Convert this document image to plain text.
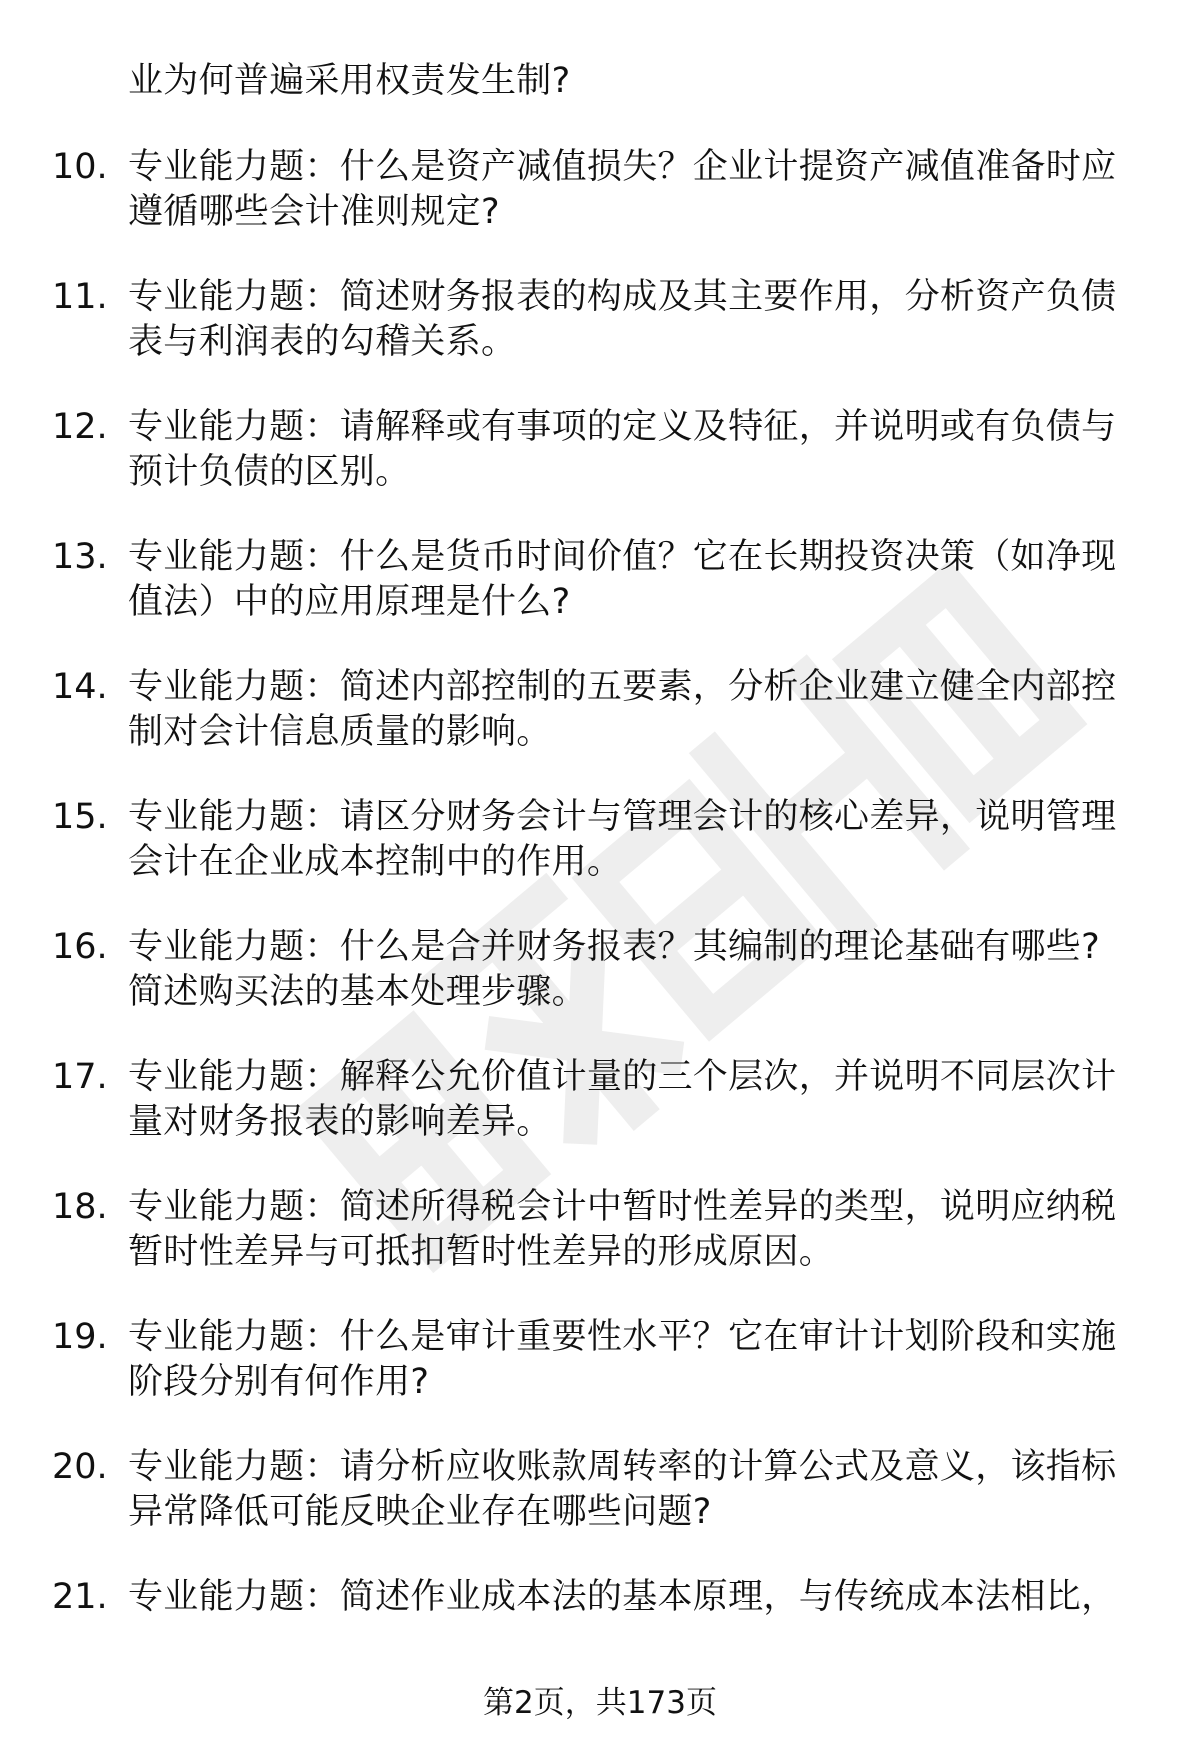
业为何普遍采用权责发生制?
10. 专业能力题：什么是资产减值损失？企业计提资产减值准备时应
遵循哪些会计准则规定?
11. 专业能力题：简述财务报表的构成及其主要作用，分析资产负债
表与利润表的勾稽关系。
12. 专业能力题：请解释或有事项的定义及特征，并说明或有负债与
预计负债的区别。
13. 专业能力题：什么是货币时间价值？它在长期投资决策（如净现
值法）中的应用原理是什么?
14. 专业能力题：简述内部控制的五要素，分析企业建立健全内部控
制对会计信息质量的影响。
15. 专业能力题：请区分财务会计与管理会计的核心差异，说明管理
会计在企业成本控制中的作用。
16. 专业能力题：什么是合并财务报表？其编制的理论基础有哪些?
简述购买法的基本处理步骤。
17. 专业能力题：解释公允价值计量的三个层次，并说明不同层次计
量对财务报表的影响差异。
18. 专业能力题：简述所得税会计中暂时性差异的类型，说明应纳税
暂时性差异与可抵扣暂时性差异的形成原因。
19. 专业能力题：什么是审计重要性水平？它在审计计划阶段和实施
阶段分别有何作用?
20. 专业能力题：请分析应收账款周转率的计算公式及意义，该指标
异常降低可能反映企业存在哪些问题?
21. 专业能力题：简述作业成本法的基本原理，与传统成本法相比，
第2页，共173页
